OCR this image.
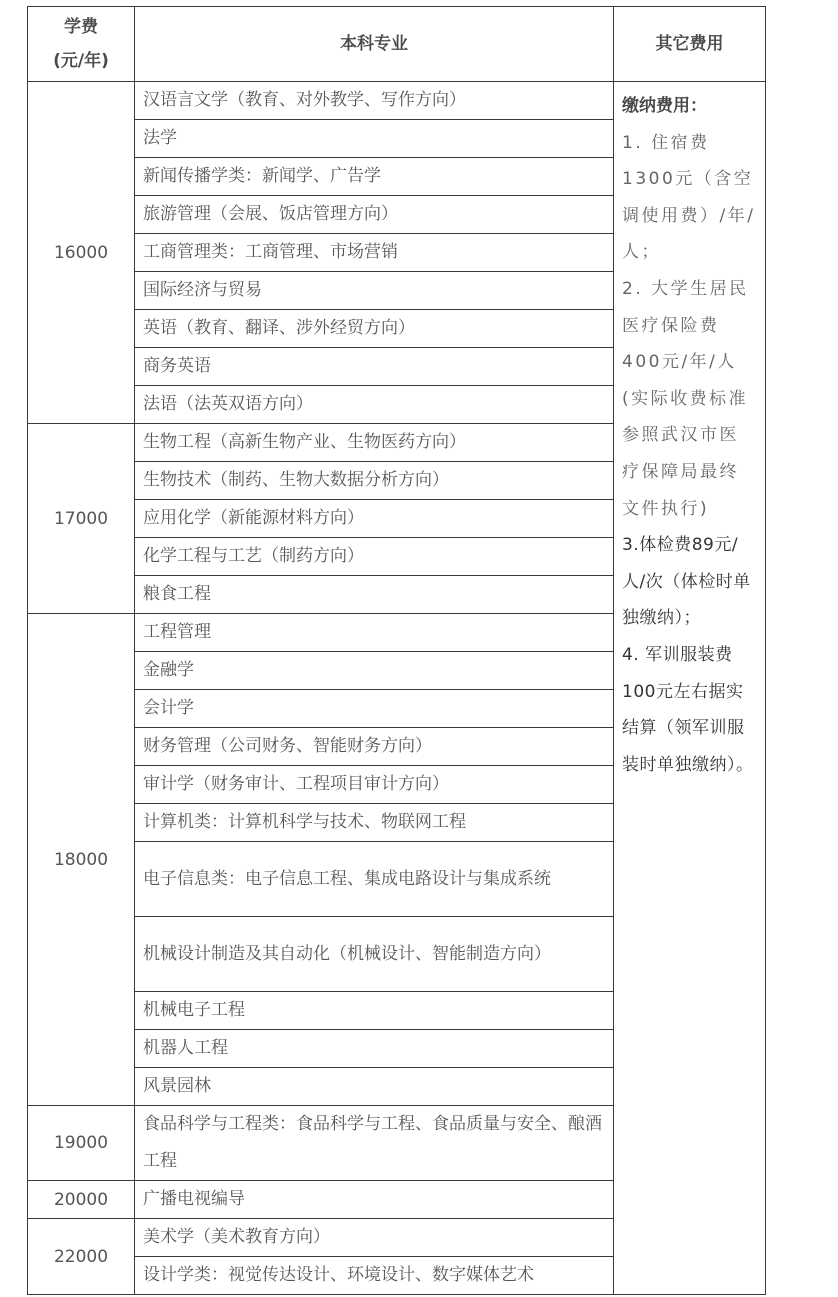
学费
(元/年)	本科专业	其它费用
16000	汉语言文学（教育、对外教学、写作方向）	缴纳费用：
1. 住宿费1300元（含空调使用费）/年/人；
2. 大学生居民医疗保险费400元/年/人(实际收费标准参照武汉市医疗保障局最终文件执行)
3.体检费89元/人/次（体检时单独缴纳）；
4. 军训服装费100元左右据实结算（领军训服装时单独缴纳）。

	法学	
	新闻传播学类：新闻学、广告学	
	旅游管理（会展、饭店管理方向）	
	工商管理类：工商管理、市场营销	
	国际经济与贸易	
	英语（教育、翻译、涉外经贸方向）	
	商务英语	
	法语（法英双语方向）	
17000	生物工程（高新生物产业、生物医药方向）	
	生物技术（制药、生物大数据分析方向）	
	应用化学（新能源材料方向）	
	化学工程与工艺（制药方向）	
	粮食工程	
18000	工程管理	
	金融学	
	会计学	
	财务管理（公司财务、智能财务方向）	
	审计学（财务审计、工程项目审计方向）	
	计算机类：计算机科学与技术、物联网工程	
	电子信息类：电子信息工程、集成电路设计与集成系统	
	机械设计制造及其自动化（机械设计、智能制造方向）	
	机械电子工程	
	机器人工程	
	风景园林	
19000	食品科学与工程类：食品科学与工程、食品质量与安全、酿酒工程	
20000	广播电视编导	
22000	美术学（美术教育方向）	
	设计学类：视觉传达设计、环境设计、数字媒体艺术	
